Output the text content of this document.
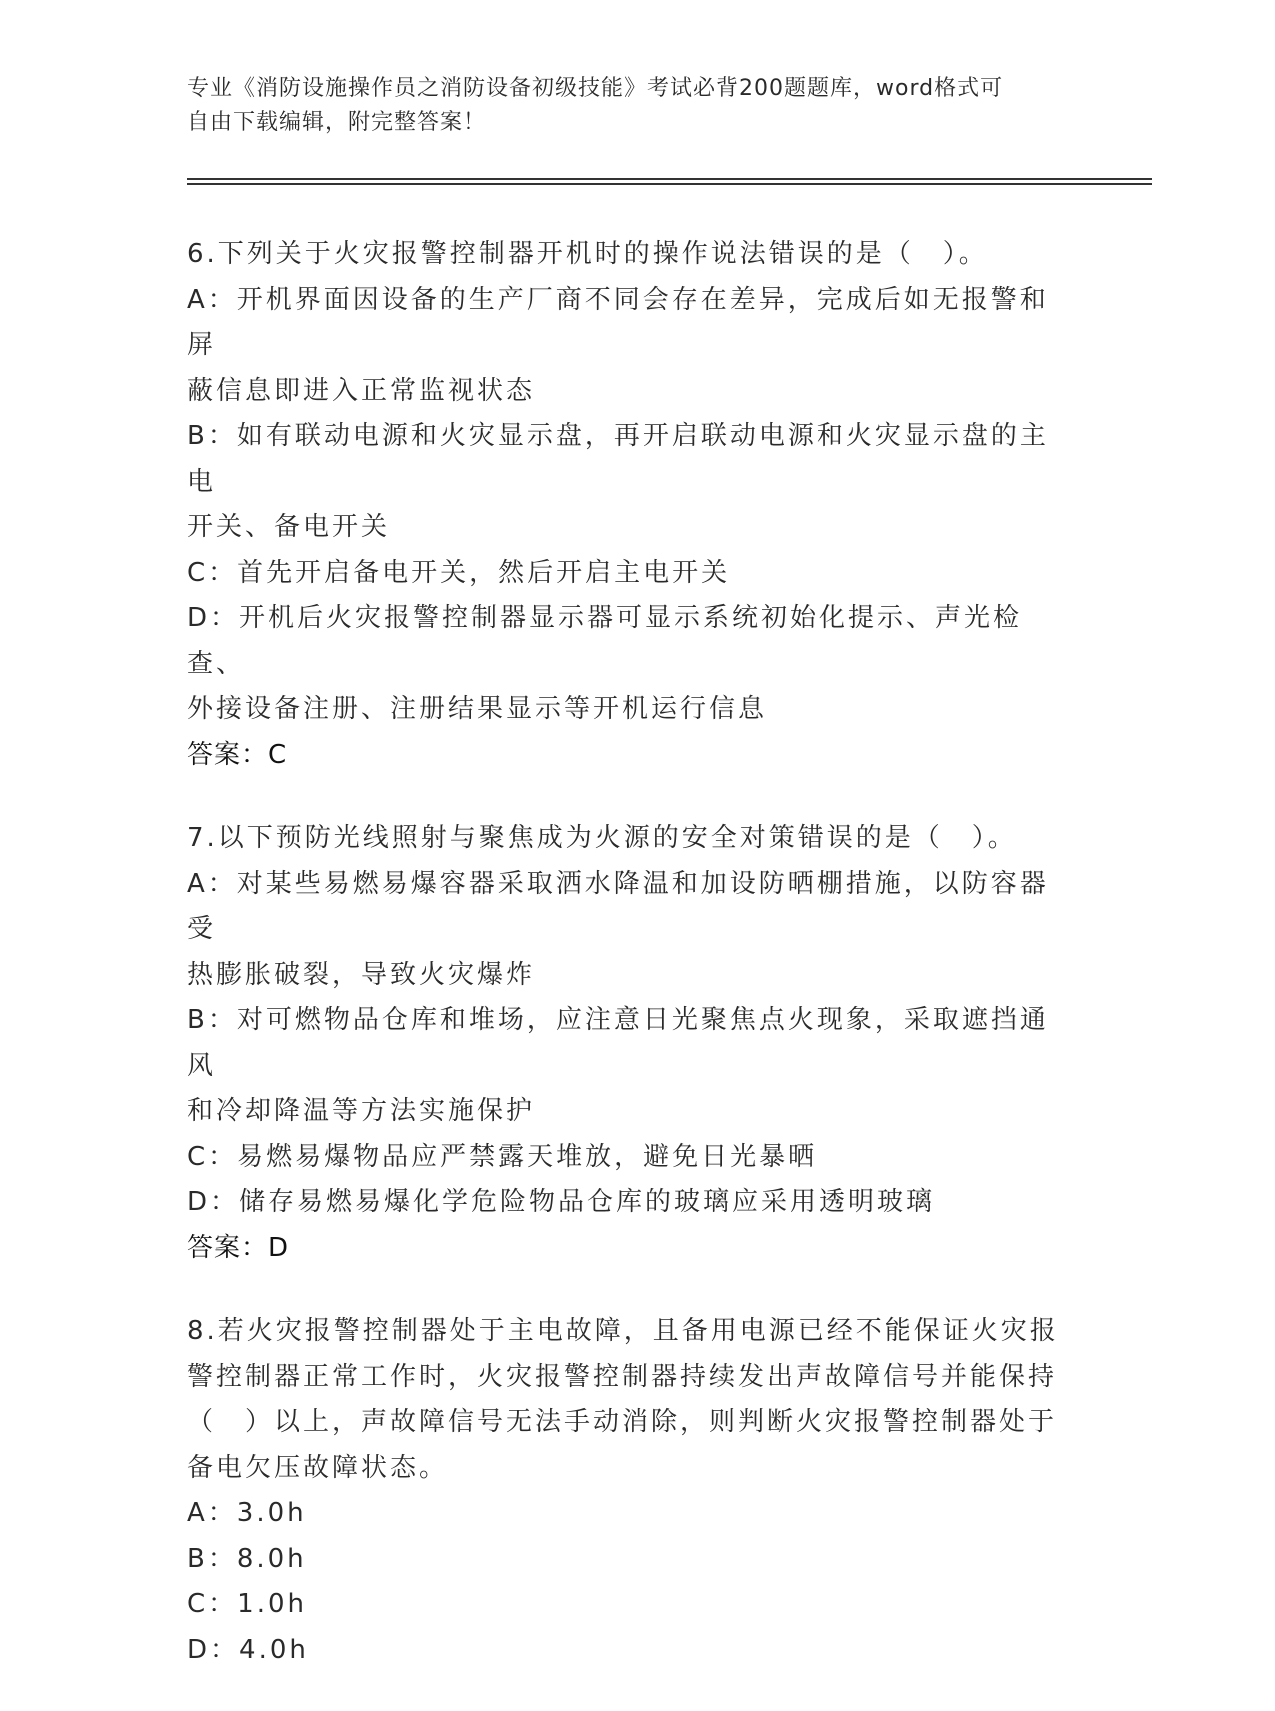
专业《消防设施操作员之消防设备初级技能》考试必背200题题库，word格式可
自由下载编辑，附完整答案！
6.下列关于火灾报警控制器开机时的操作说法错误的是（　）。
A：开机界面因设备的生产厂商不同会存在差异，完成后如无报警和屏
蔽信息即进入正常监视状态
B：如有联动电源和火灾显示盘，再开启联动电源和火灾显示盘的主电
开关、备电开关
C：首先开启备电开关，然后开启主电开关
D：开机后火灾报警控制器显示器可显示系统初始化提示、声光检查、
外接设备注册、注册结果显示等开机运行信息
答案：C
7.以下预防光线照射与聚焦成为火源的安全对策错误的是（　）。
A：对某些易燃易爆容器采取洒水降温和加设防晒棚措施，以防容器受
热膨胀破裂，导致火灾爆炸
B：对可燃物品仓库和堆场，应注意日光聚焦点火现象，采取遮挡通风
和冷却降温等方法实施保护
C：易燃易爆物品应严禁露天堆放，避免日光暴晒
D：储存易燃易爆化学危险物品仓库的玻璃应采用透明玻璃
答案：D
8.若火灾报警控制器处于主电故障，且备用电源已经不能保证火灾报
警控制器正常工作时，火灾报警控制器持续发出声故障信号并能保持
（　）以上，声故障信号无法手动消除，则判断火灾报警控制器处于
备电欠压故障状态。
A：3.0h
B：8.0h
C：1.0h
D：4.0h
